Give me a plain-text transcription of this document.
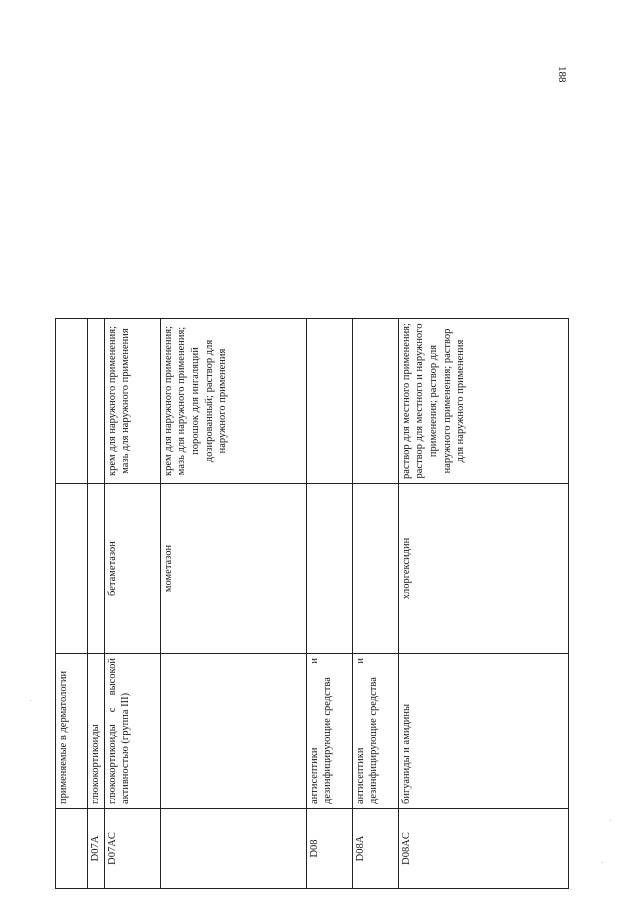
188
	применяемые в дерматологии		
D07A	глюкокортикоиды		
D07AC	глюкокортикоиды с высокой активностью (группа III)	бетаметазон	крем для наружного применения; мазь для наружного применения
		мометазон	крем для наружного применения; мазь для наружного применения; порошок для ингаляций дозированный; раствор для наружного применения
D08	антисептики и дезинфицирующие средства		
D08A	антисептики и дезинфицирующие средства		
D08AC	бигуаниды и амидины	хлоргексидин	раствор для местного применения; раствор для местного и наружного применения; раствор для наружного применения; раствор для наружного применения
